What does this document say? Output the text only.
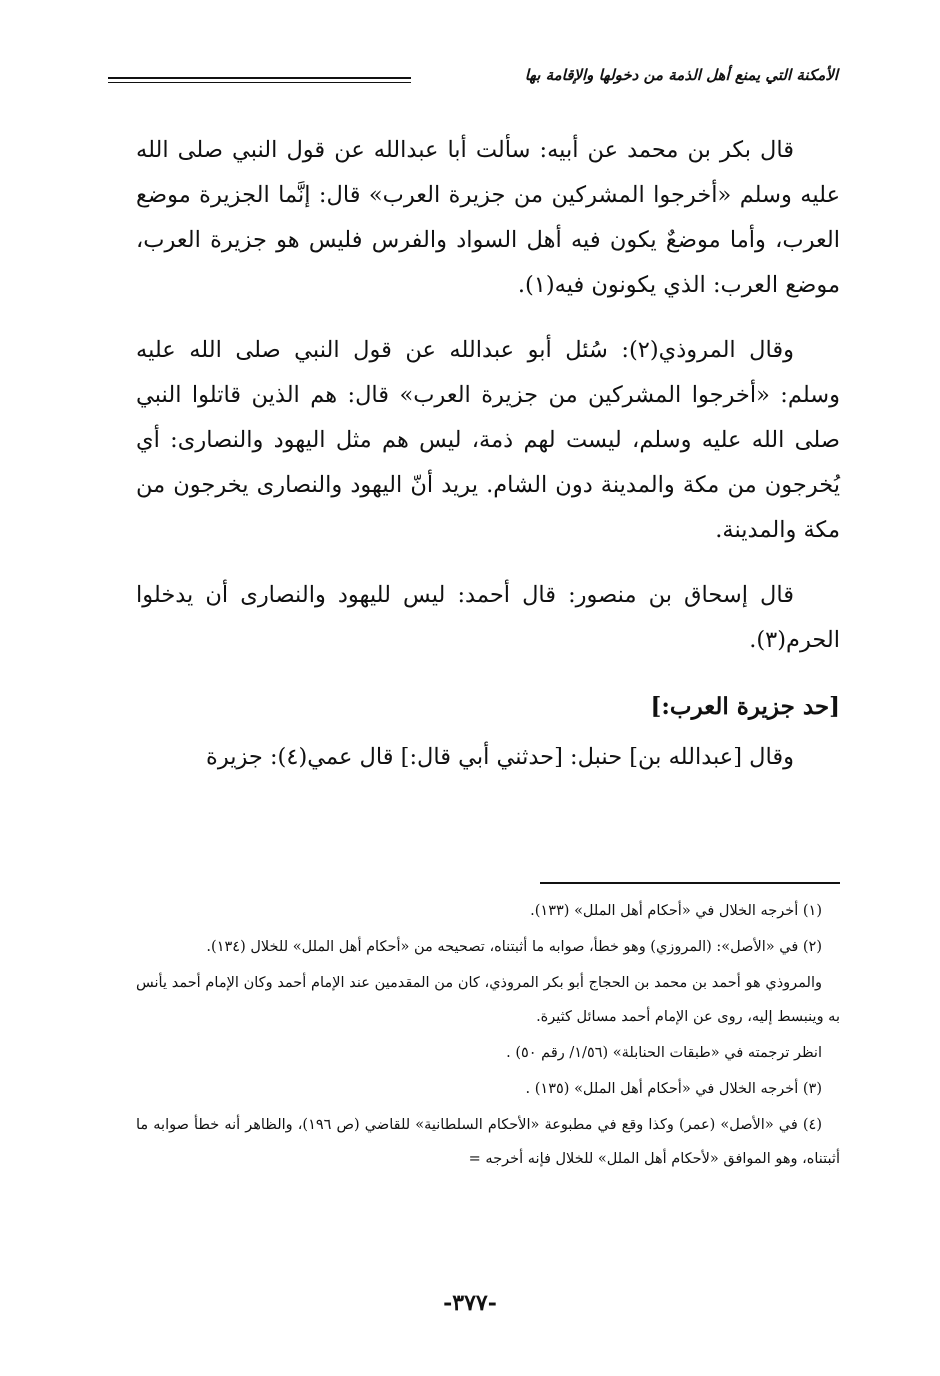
الأمكنة التي يمنع أهل الذمة من دخولها والإقامة بها

قال بكر بن محمد عن أبيه: سألت أبا عبدالله عن قول النبي صلى الله عليه وسلم «أخرجوا المشركين من جزيرة العرب» قال: إنَّما الجزيرة موضع العرب، وأما موضعٌ يكون فيه أهل السواد والفرس فليس هو جزيرة العرب، موضع العرب: الذي يكونون فيه(١).

وقال المروذي(٢): سُئل أبو عبدالله عن قول النبي صلى الله عليه وسلم: «أخرجوا المشركين من جزيرة العرب» قال: هم الذين قاتلوا النبي صلى الله عليه وسلم، ليست لهم ذمة، ليس هم مثل اليهود والنصارى: أي يُخرجون من مكة والمدينة دون الشام. يريد أنّ اليهود والنصارى يخرجون من مكة والمدينة.

قال إسحاق بن منصور: قال أحمد: ليس لليهود والنصارى أن يدخلوا الحرم(٣).

[حد جزيرة العرب:]

وقال [عبدالله بن] حنبل: [حدثني أبي قال:] قال عمي(٤): جزيرة

(١) أخرجه الخلال في «أحكام أهل الملل» (١٣٣).

(٢) في «الأصل»: (المروزي) وهو خطأ، صوابه ما أثبتناه، تصحيحه من «أحكام أهل الملل» للخلال (١٣٤).

والمروذي هو أحمد بن محمد بن الحجاج أبو بكر المروذي، كان من المقدمين عند الإمام أحمد وكان الإمام أحمد يأنس به وينبسط إليه، روى عن الإمام أحمد مسائل كثيرة.

انظر ترجمته في «طبقات الحنابلة» (١/٥٦/ رقم ٥٠) .

(٣) أخرجه الخلال في «أحكام أهل الملل» (١٣٥) .

(٤) في «الأصل» (عمر) وكذا وقع في مطبوعة «الأحكام السلطانية» للقاضي (ص ١٩٦)، والظاهر أنه خطأ صوابه ما أثبتناه، وهو الموافق «لأحكام أهل الملل» للخلال فإنه أخرجه =

-٣٧٧-
